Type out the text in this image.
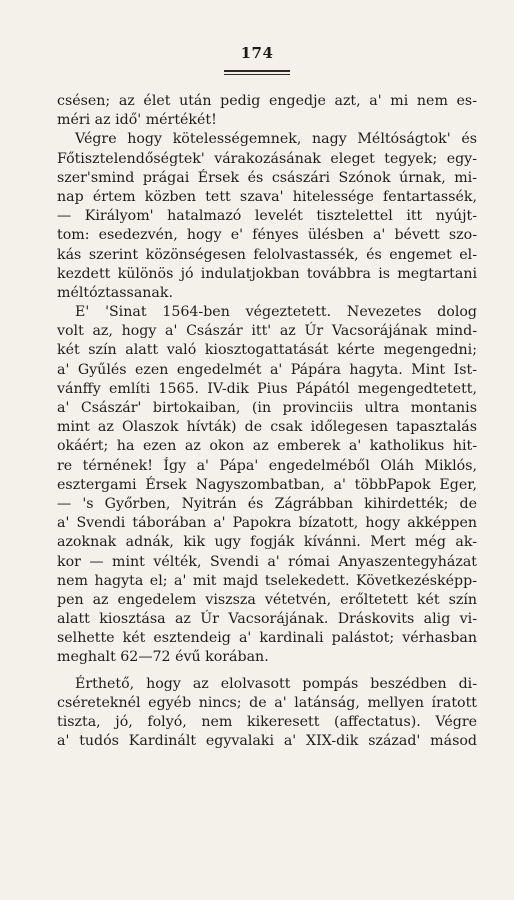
174
csésen; az élet után pedig engedje azt, a' mi nem es-
méri az idő' mértékét!
Végre hogy kötelességemnek, nagy Méltóságtok' és
Főtisztelendőségtek' várakozásának eleget tegyek; egy-
szer'smind prágai Érsek és császári Szónok úrnak, mi-
nap értem közben tett szava' hitelessége fentartassék,
— Királyom' hatalmazó levelét tisztelettel itt nyújt-
tom: esedezvén, hogy e' fényes ülésben a' bévett szo-
kás szerint közönségesen felolvastassék, és engemet el-
kezdett különös jó indulatjokban továbbra is megtartani
méltóztassanak.
E' 'Sinat 1564-ben végeztetett. Nevezetes dolog
volt az, hogy a' Császár itt' az Úr Vacsorájának mind-
két szín alatt való kiosztogattatását kérte megengedni;
a' Gyűlés ezen engedelmét a' Pápára hagyta. Mint Ist-
vánffy említi 1565. IV-dik Pius Pápától megengedtetett,
a' Császár' birtokaiban, (in provinciis ultra montanis
mint az Olaszok hívták) de csak időlegesen tapasztalás
okáért; ha ezen az okon az emberek a' katholikus hit-
re térnének! Így a' Pápa' engedelméből Oláh Miklós,
esztergami Érsek Nagyszombatban, a' többPapok Eger,
— 's Győrben, Nyitrán és Zágrábban kihirdették; de
a' Svendi táborában a' Papokra bízatott, hogy akképpen
azoknak adnák, kik ugy fogják kívánni. Mert még ak-
kor — mint vélték, Svendi a' római Anyaszentegyházat
nem hagyta el; a' mit majd tselekedett. Következésképp-
pen az engedelem viszsza vétetvén, erőltetett két szín
alatt kiosztása az Úr Vacsorájának. Dráskovits alig vi-
selhette két esztendeig a' kardinali palástot; vérhasban
meghalt 62—72 évű korában.
Érthető, hogy az elolvasott pompás beszédben di-
cséreteknél egyéb nincs; de a' latánság, mellyen íratott
tiszta, jó, folyó, nem kikeresett (affectatus). Végre
a' tudós Kardinált egyvalaki a' XIX-dik század' másod
